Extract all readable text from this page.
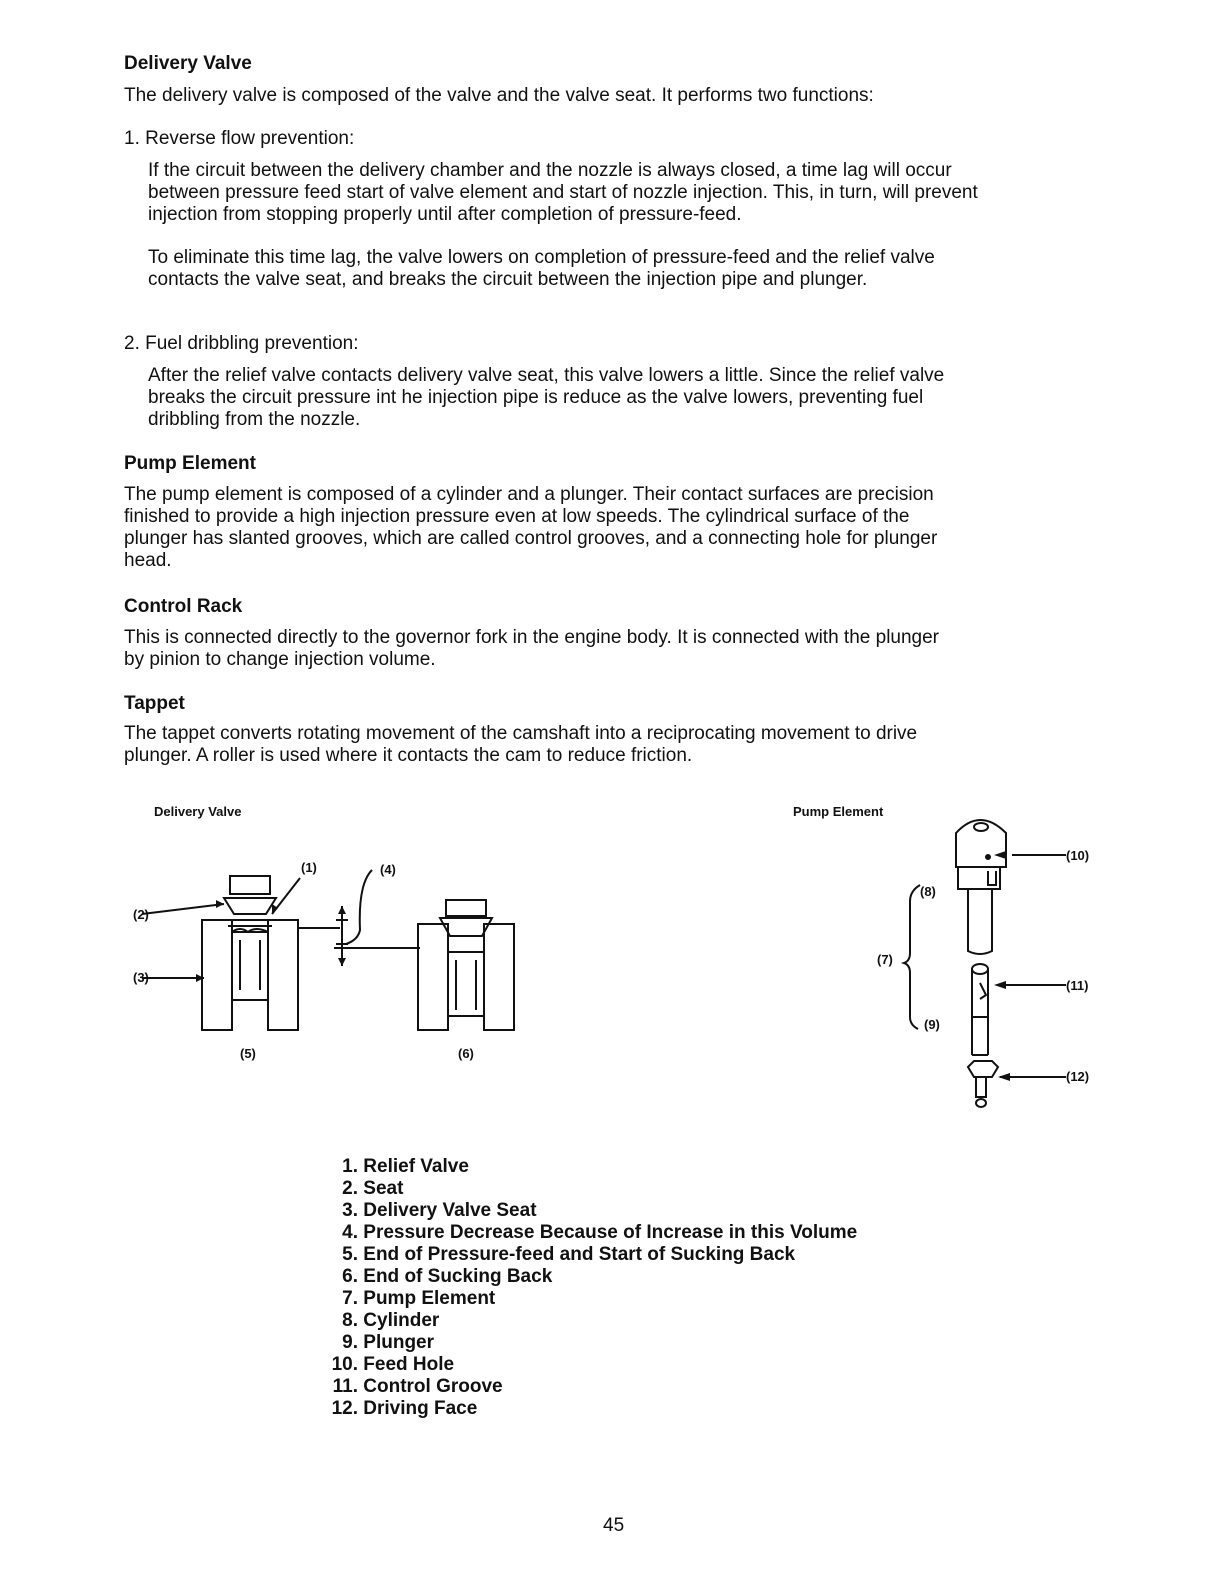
Delivery Valve
The delivery valve is composed of the valve and the valve seat. It performs two functions:
1. Reverse flow prevention:
If the circuit between the delivery chamber and the nozzle is always closed, a time lag will occur between pressure feed start of valve element and start of nozzle injection. This, in turn, will prevent injection from stopping properly until after completion of pressure-feed.
To eliminate this time lag, the valve lowers on completion of pressure-feed and the relief valve contacts the valve seat, and breaks the circuit between the injection pipe and plunger.
2. Fuel dribbling prevention:
After the relief valve contacts delivery valve seat, this valve lowers a little. Since the relief valve breaks the circuit pressure int he injection pipe is reduce as the valve lowers, preventing fuel dribbling from the nozzle.
Pump Element
The pump element is composed of a cylinder and a plunger. Their contact surfaces are precision finished to provide a high injection pressure even at low speeds. The cylindrical surface of the plunger has slanted grooves, which are called control grooves, and a connecting hole for plunger head.
Control Rack
This is connected directly to the governor fork in the engine body. It is connected with the plunger by pinion to change injection volume.
Tappet
The tappet converts rotating movement of the camshaft into a reciprocating movement to drive plunger. A roller is used where it contacts the cam to reduce friction.
Delivery Valve	Pump Element
(1)	(4)
(2)
(3)
(5)	(6)
(10)
(8)
(7)
(11)
(9)
(12)
1. Relief Valve
2. Seat
3. Delivery Valve Seat
4. Pressure Decrease Because of Increase in this Volume
5. End of Pressure-feed and Start of Sucking Back
6. End of Sucking Back
7. Pump Element
8. Cylinder
9. Plunger
10. Feed Hole
11. Control Groove
12. Driving Face
45
